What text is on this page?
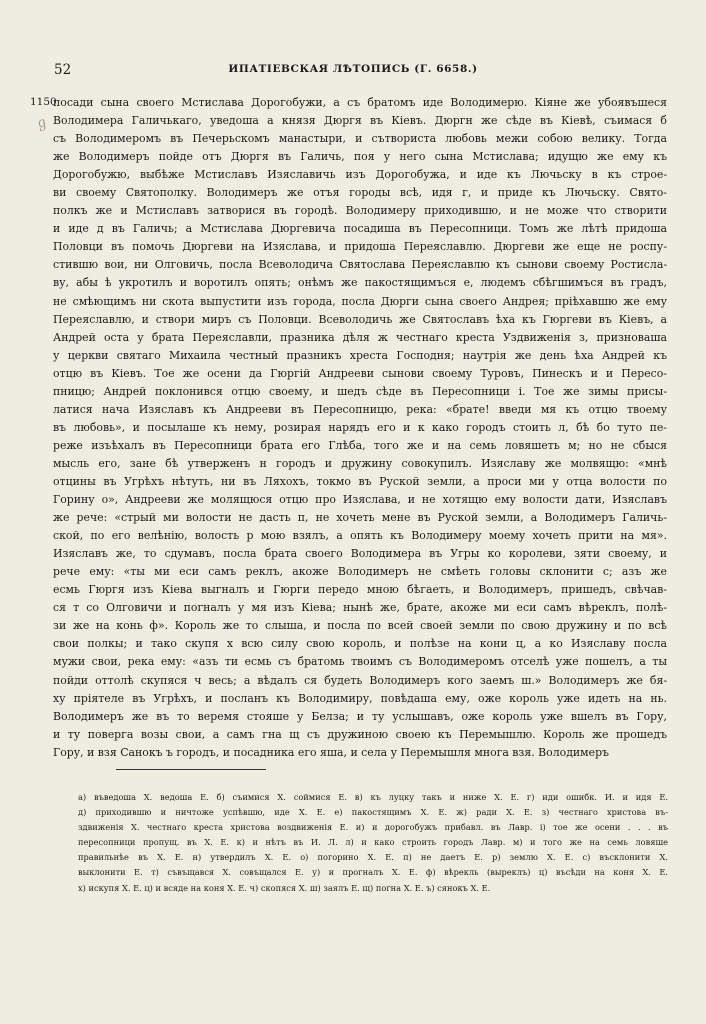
52	ИПАТІЕВСКАЯ ЛѢТОПИСЬ (Г. 6658.)
1150
ℊ
посади сына своего Мстислава Дорогобужи, а съ братомъ иде Володимерю. Кіяне же убоявъшеся
Володимера Галичькаго, уведоша а князя Дюргя въ Кіевъ. Дюргн же сѣде въ Кіевѣ, съимася б
съ Володимеромъ въ Печерьскомъ манастыри, и сътвористa любовь межи собою велику. Тогда
же Володимеръ пойде отъ Дюргя въ Галичь, поя у него сына Мстислава; идущю же ему къ
Дорогобужю, выбѣже Мстиславъ Изяславичь изъ Дорогобужа, и иде къ Лючьску в къ строе-
ви своему Святополку. Володимеръ же отъя городы всѣ, идя г, и приде къ Лючьску. Свято-
полкъ же и Мстиславъ затворися въ городѣ. Володимеру приходившю, и не може что створити
и иде д въ Галичь; а Мстислава Дюргевича посадиша въ Пересопници. Томъ же лѣтѣ придоша
Половци въ помочь Дюргеви на Изяслава, и придоша Переяславлю. Дюргеви же еще не роспу-
стившю вои, ни Олговичь, посла Всеволодича Святослава Переяславлю къ сынови своему Ростисла-
ву, абы ѣ укротилъ и воротилъ опять; онѣмъ же пакостящимъся е, людемъ сбѣгшимъся въ градъ,
не смѣющимъ ни скота выпустити изъ города, посла Дюрги сына своего Андрея; пріѣхавшю же ему
Переяславлю, и створи миръ съ Половци. Всеволодичь же Святославъ ѣха къ Гюргеви въ Кіевъ, а
Андрей оста у брата Переяславли, празника дѣля ж честнаго креста Уздвиженія з, призноваша
у церкви святаго Михаила честный празникъ хреста Господня; наутрія же день ѣха Андрей къ
отцю въ Кіевъ. Тое же осени да Гюргій Андрееви сынови своему Туровъ, Пинескъ и и Пересо-
пницю; Андрей поклонився отцю своему, и шедъ сѣде въ Пересопници і. Тое же зимы присы-
латися нача Изяславъ къ Андрееви въ Пересопницю, река: «брате! введи мя къ отцю твоему
въ любовь», и посылаше къ нему, розирая нарядъ его и к како городъ стоить л, бѣ бо туто пе-
реже изъѣхалъ въ Пересопници брата его Глѣба, того же и на семь ловяшеть м; но не сбыся
мысль его, зане бѣ утверженъ н городъ и дружину совокупилъ. Изяславу же молвящю: «мнѣ
отцины въ Угрѣхъ нѣтуть, ни въ Ляхохъ, токмо въ Руской земли, а проси ми у отца волости по
Горину о», Андрееви же молящюся отцю про Изяслава, и не хотящю ему волости дати, Изяславъ
же рече: «стрый ми волости не дасть п, не хочеть мене въ Руской земли, а Володимеръ Галичь-
ской, по его велѣнію, волость р мою взялъ, а опять къ Володимеру моему хочеть прити на мя».
Изяславъ же, то сдумавъ, посла брата своего Володимера въ Угры ко королеви, зяти своему, и
рече ему: «ты ми еси самъ реклъ, акоже Володимеръ не смѣеть головы склонити с; азъ же
есмь Гюргя изъ Кіева выгналъ и Гюрги передо мною бѣгаеть, и Володимеръ, пришедъ, свѣчав-
ся т со Олговичи и погналъ у мя изъ Кіева; нынѣ же, брате, акоже ми еси самъ вѣреклъ, полѣ-
зи же на конь ф». Король же то слыша, и посла по всей своей земли по свою дружину и по всѣ
свои полкы; и тако скупя х всю силу свою король, и полѣзе на кони ц, а ко Изяславу посла
мужи свои, река ему: «азъ ти есмь съ братомь твоимъ съ Володимеромъ отселѣ уже пошелъ, а ты
пойди оттолѣ скупяся ч весь; а вѣдалъ ся будеть Володимеръ кого заемъ ш.» Володимеръ же бя-
ху пріятеле въ Угрѣхъ, и посланъ къ Володимиру, повѣдаша ему, оже король уже идеть на нь.
Володимеръ же въ то веремя стояше у Белза; и ту услышавъ, оже король уже вшелъ въ Гору,
и ту поверга возы свои, а самъ гна щ съ дружиною своею къ Перемышлю. Король же прошедъ
Гору, и взя Санокъ ъ городъ, и посадника его яша, и села у Перемышля многа взя. Володимеръ
а) въведоша Х. ведоша Е. б) съимися Х. соймися Е. в) къ луцку такъ и ниже Х. Е. г) иди ошибк. И. и идя Е.
д) приходившю и ничтоже успѣвшю, иде Х. Е. е) пакостящимъ Х. Е. ж) ради Х. Е. з) честнаго хpистова въ-
здвиженія Х. честнаго креста христова воздвиженія Е. и) и дорогобужъ прибавл. въ Лавр. і) тое же осени . . . въ
пересопници пропущ. въ Х. Е. к) и нѣтъ въ И. Л. л) и како строить городъ Лавр. м) и того же на семь ловяше
правильнѣе въ Х. Е. н) утвердилъ Х. Е. о) погорино Х. Е. п) не даетъ Е. р) землю Х. Е. с) въсклонити Х.
выклонити Е. т) съвъщався Х. совъщался Е. у) и прогналъ Х. Е. ф) вѣрекль (выреклъ) ц) въсѣди на коня Х. Е.
х) искупя Х. Е. ц) и всяде на коня Х. Е. ч) скопяся Х. ш) заялъ Е. щ) погна Х. Е. ъ) сянокъ Х. Е.
